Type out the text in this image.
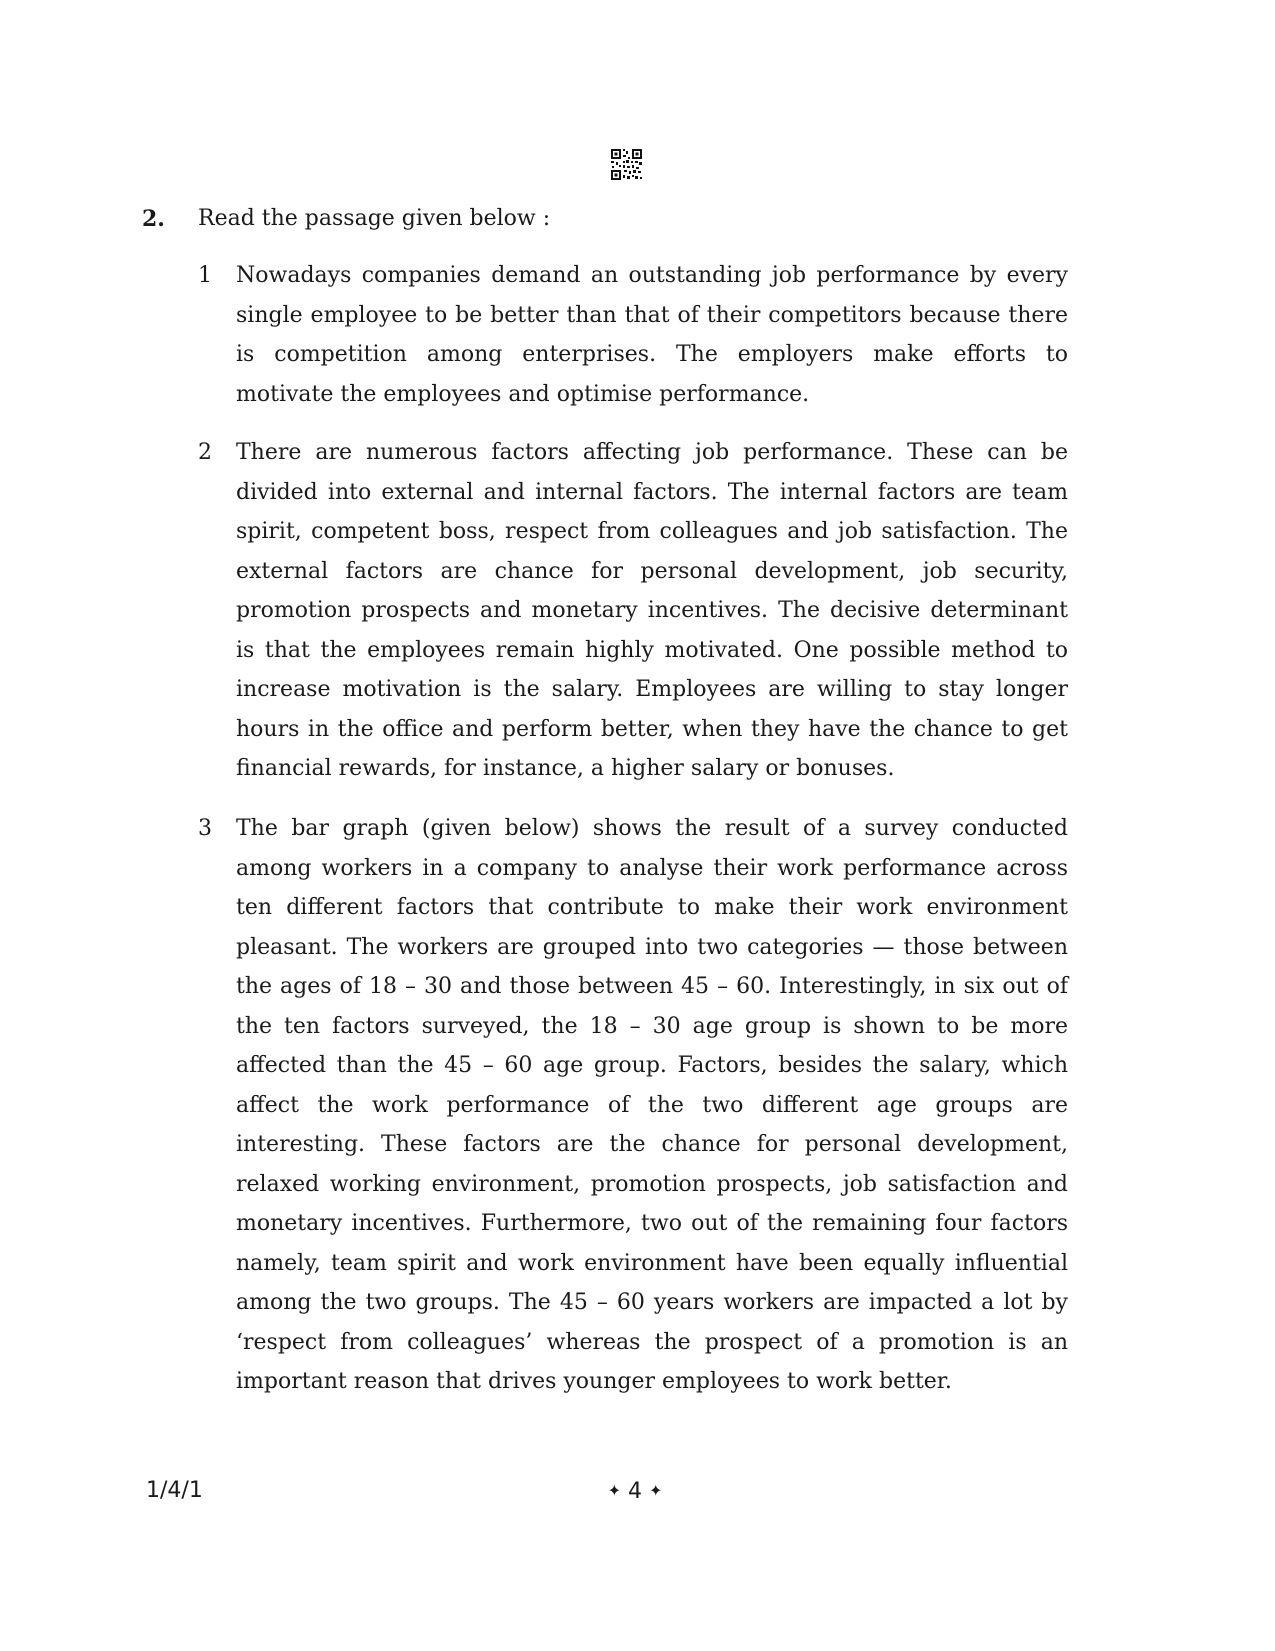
2. Read the passage given below :
1 Nowadays companies demand an outstanding job performance by every single employee to be better than that of their competitors because there is competition among enterprises. The employers make efforts to motivate the employees and optimise performance.

2 There are numerous factors affecting job performance. These can be divided into external and internal factors. The internal factors are team spirit, competent boss, respect from colleagues and job satisfaction. The external factors are chance for personal development, job security, promotion prospects and monetary incentives. The decisive determinant is that the employees remain highly motivated. One possible method to increase motivation is the salary. Employees are willing to stay longer hours in the office and perform better, when they have the chance to get financial rewards, for instance, a higher salary or bonuses.

3 The bar graph (given below) shows the result of a survey conducted among workers in a company to analyse their work performance across ten different factors that contribute to make their work environment pleasant. The workers are grouped into two categories — those between the ages of 18 – 30 and those between 45 – 60. Interestingly, in six out of the ten factors surveyed, the 18 – 30 age group is shown to be more affected than the 45 – 60 age group. Factors, besides the salary, which affect the work performance of the two different age groups are interesting. These factors are the chance for personal development, relaxed working environment, promotion prospects, job satisfaction and monetary incentives. Furthermore, two out of the remaining four factors namely, team spirit and work environment have been equally influential among the two groups. The 45 – 60 years workers are impacted a lot by ‘respect from colleagues’ whereas the prospect of a promotion is an important reason that drives younger employees to work better.

1/4/1	✦ 4 ✦
